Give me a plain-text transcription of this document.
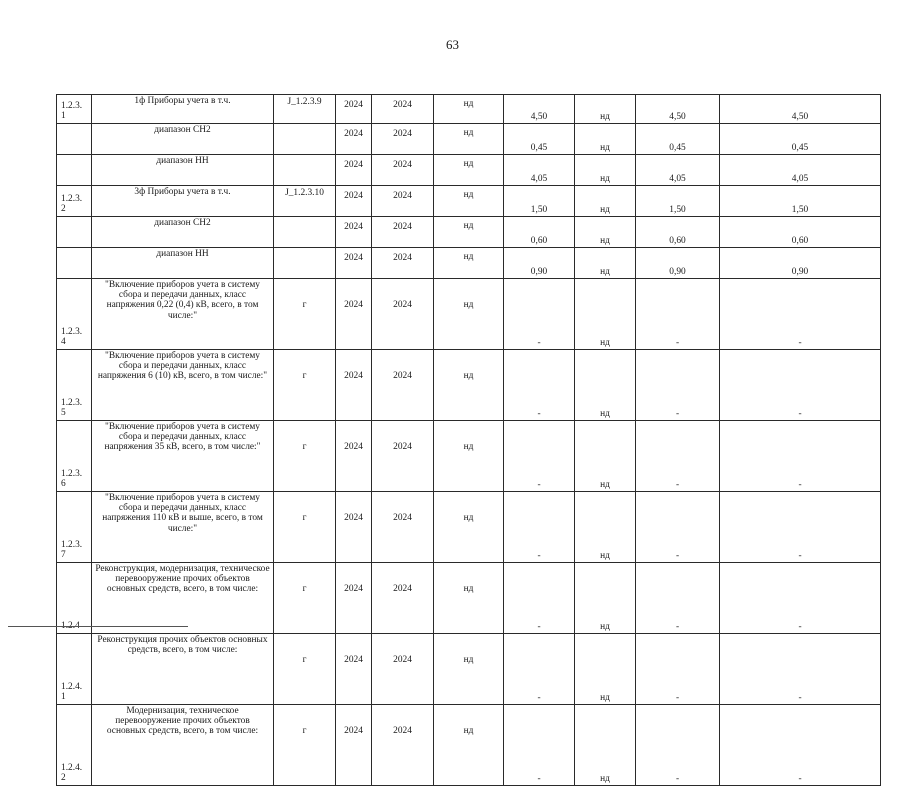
63
1.2.3.
1	1ф Приборы учета в т.ч.	J_1.2.3.9	2024	2024	нд	4,50	нд	4,50	4,50
	диапазон СН2		2024	2024	нд	0,45	нд	0,45	0,45
	диапазон НН		2024	2024	нд	4,05	нд	4,05	4,05
1.2.3.
2	3ф Приборы учета в т.ч.	J_1.2.3.10	2024	2024	нд	1,50	нд	1,50	1,50
	диапазон СН2		2024	2024	нд	0,60	нд	0,60	0,60
	диапазон НН		2024	2024	нд	0,90	нд	0,90	0,90
1.2.3.
4	"Включение приборов учета в систему сбора и передачи данных, класс напряжения 0,22 (0,4) кВ, всего, в том числе:"	г	2024	2024	нд	-	нд	-	-
1.2.3.
5	"Включение приборов учета в систему сбора и передачи данных, класс напряжения 6 (10) кВ, всего, в том числе:"	г	2024	2024	нд	-	нд	-	-
1.2.3.
6	"Включение приборов учета в систему сбора и передачи данных, класс напряжения 35 кВ, всего, в том числе:"	г	2024	2024	нд	-	нд	-	-
1.2.3.
7	"Включение приборов учета в систему сбора и передачи данных, класс напряжения 110 кВ и выше, всего, в том числе:"	г	2024	2024	нд	-	нд	-	-
1.2.4	Реконструкция, модернизация, техническое перевооружение прочих объектов основных средств, всего, в том числе:	г	2024	2024	нд	-	нд	-	-
1.2.4.
1	Реконструкция прочих объектов основных средств, всего, в том числе:	г	2024	2024	нд	-	нд	-	-
1.2.4.
2	Модернизация, техническое перевооружение прочих объектов основных средств, всего, в том числе:	г	2024	2024	нд	-	нд	-	-
